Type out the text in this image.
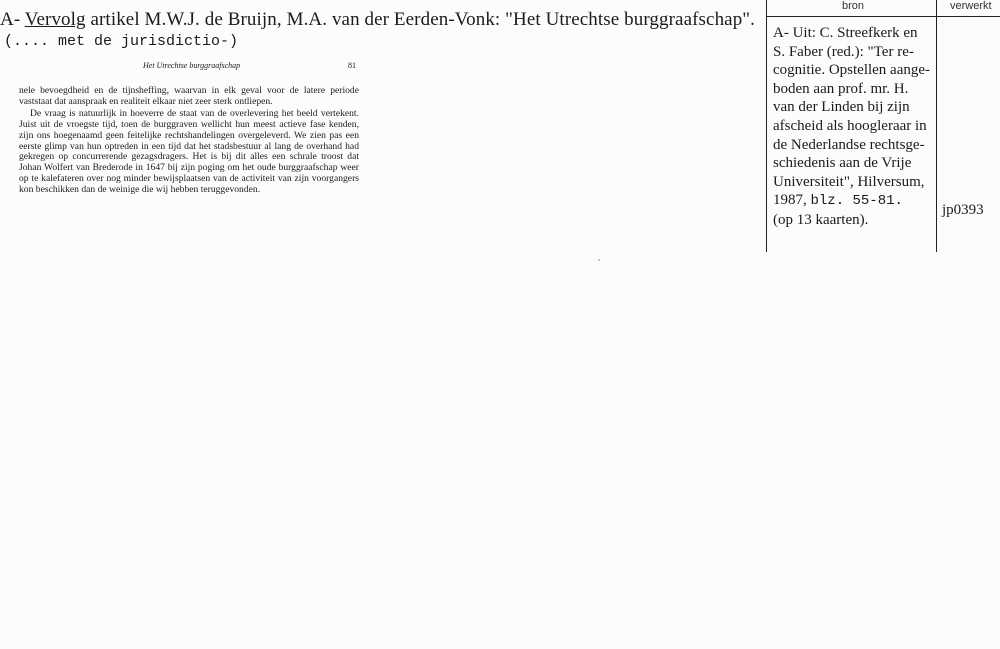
A- Vervolg artikel M.W.J. de Bruijn, M.A. van der Eerden-Vonk: "Het Utrechtse burggraafschap".
(.... met de jurisdictio-)
Het Utrechtse burggraafschap	81

nele bevoegdheid en de tijnsheffing, waarvan in elk geval voor de latere periode vaststaat dat aanspraak en realiteit elkaar niet zeer sterk ontliepen.

De vraag is natuurlijk in hoeverre de staat van de overlevering het beeld vertekent. Juist uit de vroegste tijd, toen de burggraven wellicht hun meest actieve fase kenden, zijn ons hoegenaamd geen feitelijke rechtshandelingen overgeleverd. We zien pas een eerste glimp van hun optreden in een tijd dat het stadsbestuur al lang de overhand had gekregen op concurrerende gezagsdragers. Het is bij dit alles een schrale troost dat Johan Wolfert van Brederode in 1647 bij zijn poging om het oude burggraafschap weer op te kalefateren over nog minder bewijsplaatsen van de activiteit van zijn voorgangers kon beschikken dan de weinige die wij hebben teruggevonden.

bron	verwerkt
A- Uit: C. Streefkerk en
S. Faber (red.): "Ter re-
cognitie. Opstellen aange-
boden aan prof. mr. H.
van der Linden bij zijn
afscheid als hoogleraar in
de Nederlandse rechtsge-
schiedenis aan de Vrije
Universiteit", Hilversum,
1987, blz. 55-81.
(op 13 kaarten).
jp0393
